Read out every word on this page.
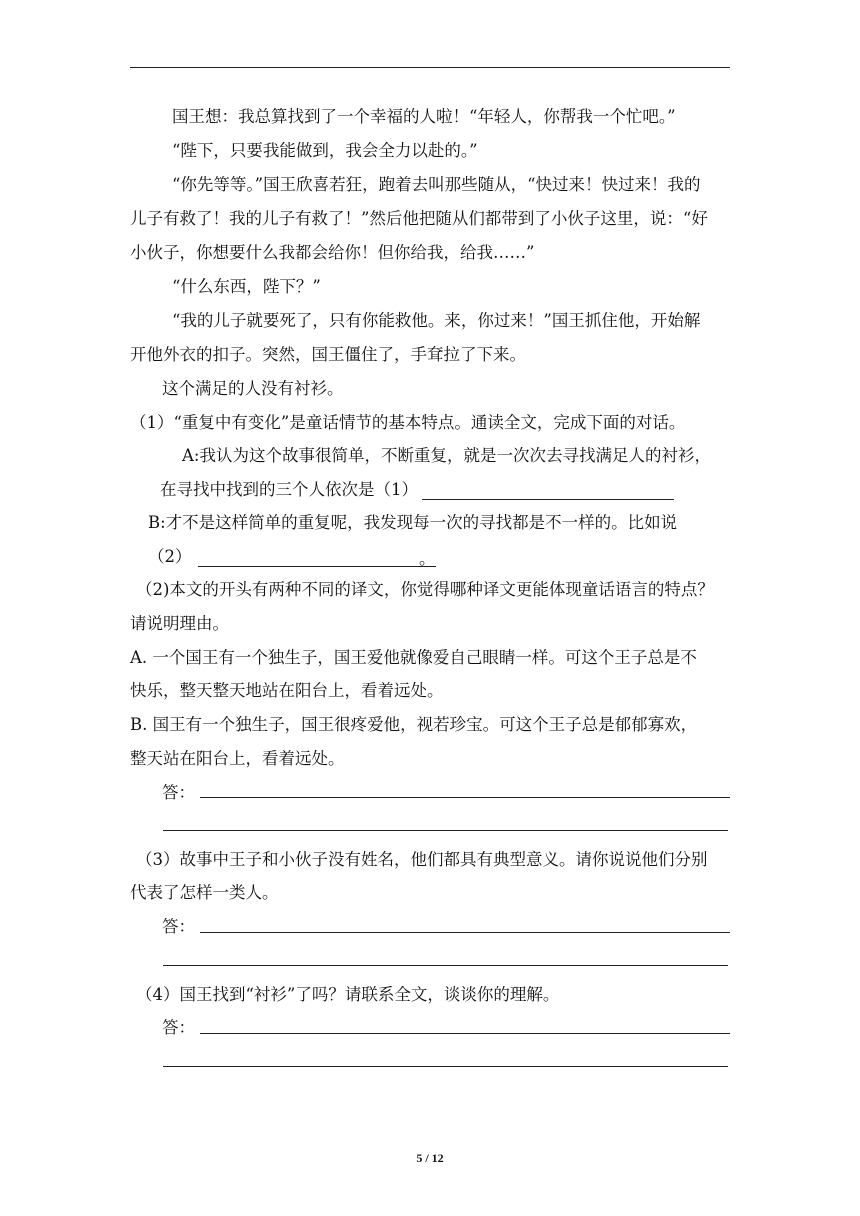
国王想：我总算找到了一个幸福的人啦！“年轻人，你帮我一个忙吧。”
“陛下，只要我能做到，我会全力以赴的。”
“你先等等。”国王欣喜若狂，跑着去叫那些随从，“快过来！快过来！我的
儿子有救了！我的儿子有救了！”然后他把随从们都带到了小伙子这里，说：“好
小伙子，你想要什么我都会给你！但你给我，给我……”
“什么东西，陛下？”
“我的儿子就要死了，只有你能救他。来，你过来！”国王抓住他，开始解
开他外衣的扣子。突然，国王僵住了，手耷拉了下来。
这个满足的人没有衬衫。
（1）“重复中有变化”是童话情节的基本特点。通读全文，完成下面的对话。
A:我认为这个故事很简单，不断重复，就是一次次去寻找满足人的衬衫，
在寻找中找到的三个人依次是（1）
B:才不是这样简单的重复呢，我发现每一次的寻找都是不一样的。比如说
（2）	。
（2)本文的开头有两种不同的译文，你觉得哪种译文更能体现童话语言的特点？
请说明理由。
A. 一个国王有一个独生子，国王爱他就像爱自己眼睛一样。可这个王子总是不
快乐，整天整天地站在阳台上，看着远处。
B. 国王有一个独生子，国王很疼爱他，视若珍宝。可这个王子总是郁郁寡欢，
整天站在阳台上，看着远处。
答：
（3）故事中王子和小伙子没有姓名，他们都具有典型意义。请你说说他们分别
代表了怎样一类人。
答：
（4）国王找到“衬衫”了吗？请联系全文，谈谈你的理解。
答：
5 / 12
